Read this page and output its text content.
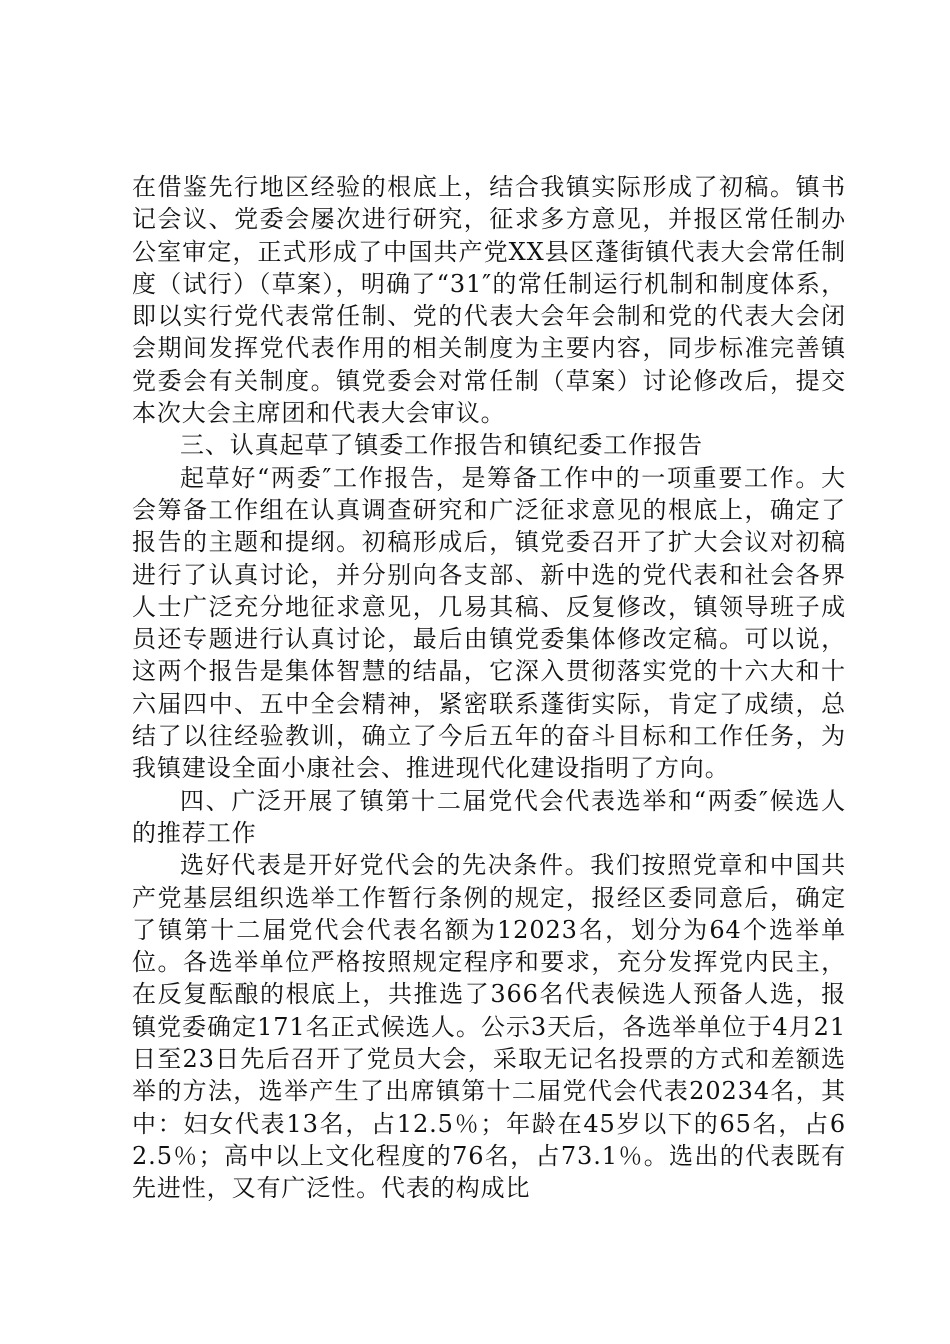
在借鉴先行地区经验的根底上，结合我镇实际形成了初稿。镇书记会议、党委会屡次进行研究，征求多方意见，并报区常任制办公室审定，正式形成了中国共产党XX县区蓬街镇代表大会常任制度（试行）（草案），明确了“31″的常任制运行机制和制度体系，即以实行党代表常任制、党的代表大会年会制和党的代表大会闭会期间发挥党代表作用的相关制度为主要内容，同步标准完善镇党委会有关制度。镇党委会对常任制（草案）讨论修改后，提交本次大会主席团和代表大会审议。

三、认真起草了镇委工作报告和镇纪委工作报告

起草好“两委″工作报告，是筹备工作中的一项重要工作。大会筹备工作组在认真调查研究和广泛征求意见的根底上，确定了报告的主题和提纲。初稿形成后，镇党委召开了扩大会议对初稿进行了认真讨论，并分别向各支部、新中选的党代表和社会各界人士广泛充分地征求意见，几易其稿、反复修改，镇领导班子成员还专题进行认真讨论，最后由镇党委集体修改定稿。可以说，这两个报告是集体智慧的结晶，它深入贯彻落实党的十六大和十六届四中、五中全会精神，紧密联系蓬街实际，肯定了成绩，总结了以往经验教训，确立了今后五年的奋斗目标和工作任务，为我镇建设全面小康社会、推进现代化建设指明了方向。

四、广泛开展了镇第十二届党代会代表选举和“两委″候选人的推荐工作

选好代表是开好党代会的先决条件。我们按照党章和中国共产党基层组织选举工作暂行条例的规定，报经区委同意后，确定了镇第十二届党代会代表名额为12023名，划分为64个选举单位。各选举单位严格按照规定程序和要求，充分发挥党内民主，在反复酝酿的根底上，共推选了366名代表候选人预备人选，报镇党委确定171名正式候选人。公示3天后，各选举单位于4月21日至23日先后召开了党员大会，采取无记名投票的方式和差额选举的方法，选举产生了出席镇第十二届党代会代表20234名，其中：妇女代表13名，占12.5％；年龄在45岁以下的65名，占62.5％；高中以上文化程度的76名，占73.1％。选出的代表既有先进性，又有广泛性。代表的构成比
